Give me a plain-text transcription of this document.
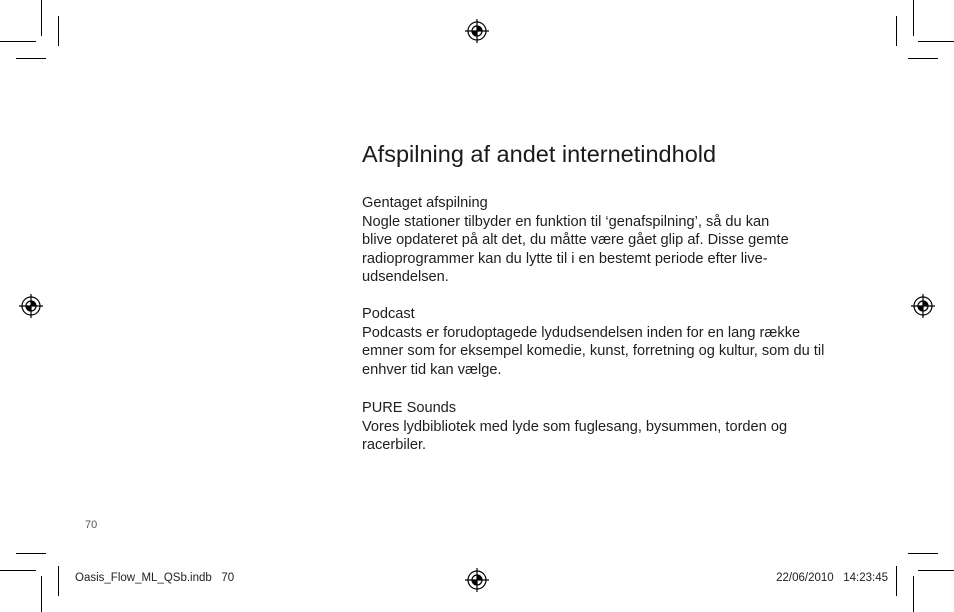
Afspilning af andet internetindhold
Gentaget afspilning

Nogle stationer tilbyder en funktion til ‘genafspilning’, så du kan blive opdateret på alt det, du måtte være gået glip af. Disse gemte radioprogrammer kan du lytte til i en bestemt periode efter live-udsendelsen.

Podcast

Podcasts er forudoptagede lydudsendelsen inden for en lang række emner som for eksempel komedie, kunst, forretning og kultur, som du til enhver tid kan vælge.

PURE Sounds

Vores lydbibliotek med lyde som fuglesang, bysummen, torden og racerbiler.

70
Oasis_Flow_ML_QSb.indb   70	22/06/2010   14:23:45
